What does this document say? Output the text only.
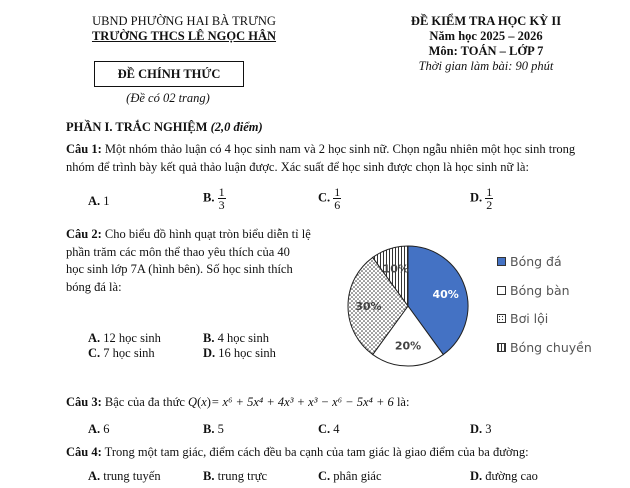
UBND PHƯỜNG HAI BÀ TRƯNG
TRƯỜNG THCS LÊ NGỌC HÂN
ĐỀ CHÍNH THỨC
(Đề có 02 trang)
ĐỀ KIỂM TRA HỌC KỲ II
Năm học 2025 – 2026
Môn: TOÁN – LỚP 7
Thời gian làm bài: 90 phút
PHẦN I. TRẮC NGHIỆM (2,0 điểm)
Câu 1: Một nhóm thảo luận có 4 học sinh nam và 2 học sinh nữ. Chọn ngẫu nhiên một học sinh trong nhóm để trình bày kết quả thảo luận được. Xác suất để học sinh được chọn là học sinh nữ là:
A. 1	B. $\frac{1}{3}$	C. $\frac{1}{6}$	D. $\frac{1}{2}$
Câu 2: Cho biểu đồ hình quạt tròn biểu diễn tỉ lệ phần trăm các môn thể thao yêu thích của 40 học sinh lớp 7A (hình bên). Số học sinh thích bóng đá là:
A. 12 học sinh	B. 4 học sinh
C. 7 học sinh	D. 16 học sinh
40%
20%
30%
10%	Bóng đá
Bóng bàn
Bơi lội
Bóng chuyền
Câu 3: Bậc của đa thức Q(x)= x⁶ + 5x⁴ + 4x³ + x³ − x⁶ − 5x⁴ + 6 là:
A. 6	B. 5	C. 4	D. 3
Câu 4: Trong một tam giác, điểm cách đều ba cạnh của tam giác là giao điểm của ba đường:
A. trung tuyến	B. trung trực	C. phân giác	D. đường cao
